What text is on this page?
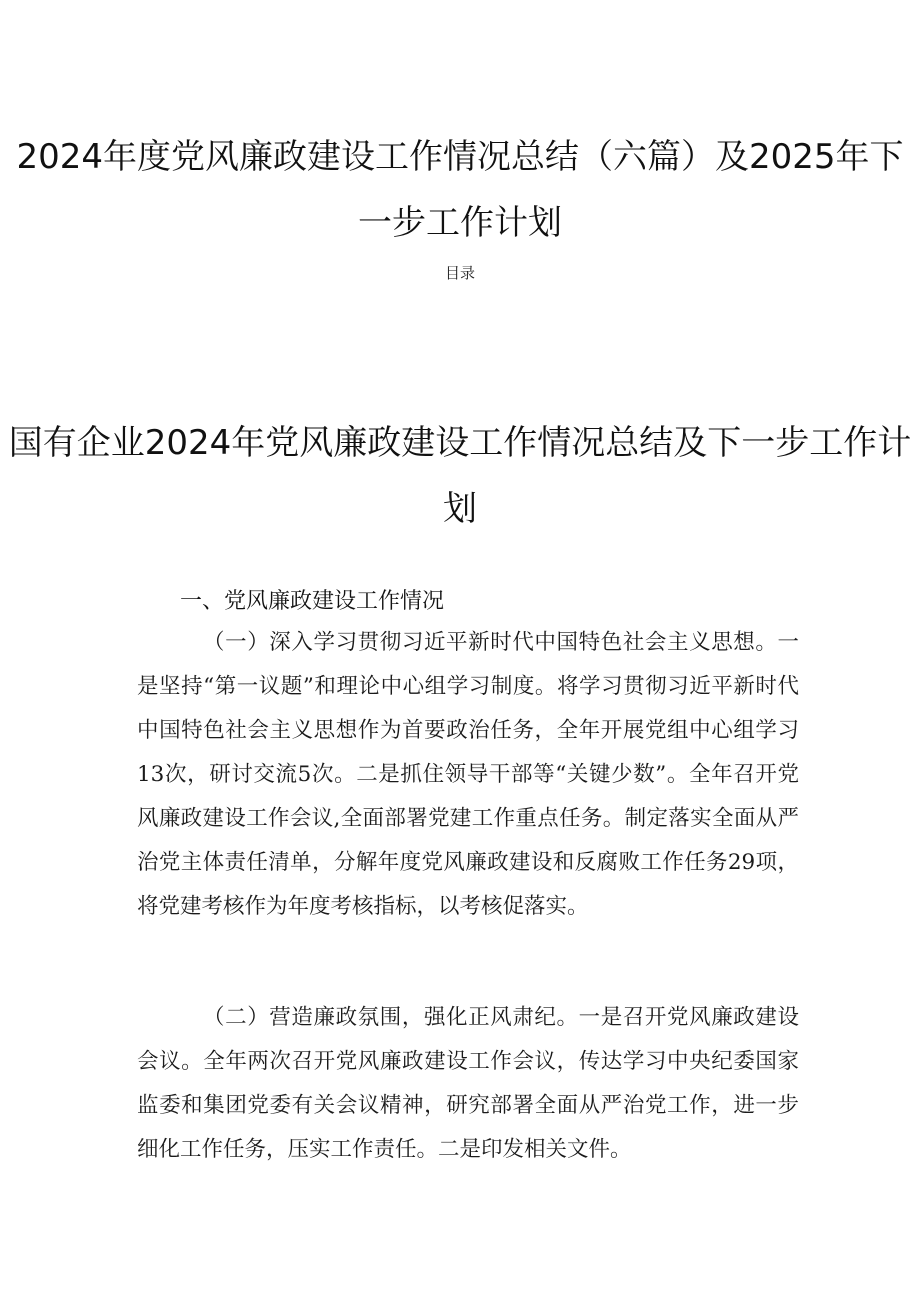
2024年度党风廉政建设工作情况总结（六篇）及2025年下一步工作计划
目录
国有企业2024年党风廉政建设工作情况总结及下一步工作计划
一、党风廉政建设工作情况
（一）深入学习贯彻习近平新时代中国特色社会主义思想。一是坚持“第一议题”和理论中心组学习制度。将学习贯彻习近平新时代中国特色社会主义思想作为首要政治任务，全年开展党组中心组学习13次，研讨交流5次。二是抓住领导干部等“关键少数”。全年召开党风廉政建设工作会议,全面部署党建工作重点任务。制定落实全面从严治党主体责任清单，分解年度党风廉政建设和反腐败工作任务29项，将党建考核作为年度考核指标，以考核促落实。
（二）营造廉政氛围，强化正风肃纪。一是召开党风廉政建设会议。全年两次召开党风廉政建设工作会议，传达学习中央纪委国家监委和集团党委有关会议精神，研究部署全面从严治党工作，进一步细化工作任务，压实工作责任。二是印发相关文件。
